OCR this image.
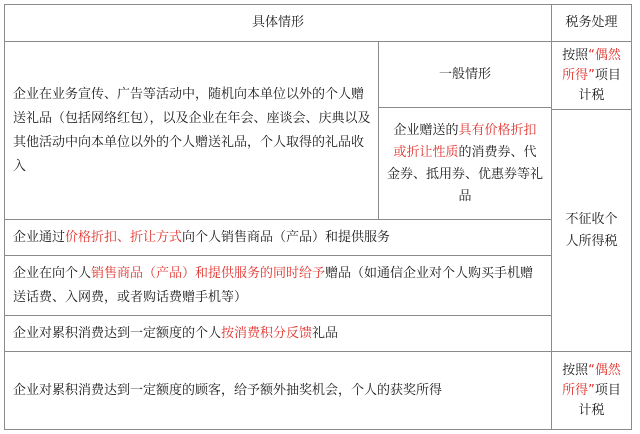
具体情形	税务处理
企业在业务宣传、广告等活动中，随机向本单位以外的个人赠送礼品（包括网络红包），以及企业在年会、座谈会、庆典以及其他活动中向本单位以外的个人赠送礼品，个人取得的礼品收入
一般情形
企业赠送的具有价格折扣或折让性质的消费券、代金券、抵用券、优惠券等礼品
按照“偶然所得”项目计税
企业通过价格折扣、折让方式向个人销售商品（产品）和提供服务
企业在向个人销售商品（产品）和提供服务的同时给予赠品（如通信企业对个人购买手机赠送话费、入网费，或者购话费赠手机等）
企业对累积消费达到一定额度的个人按消费积分反馈礼品
不征收个人所得税
企业对累积消费达到一定额度的顾客，给予额外抽奖机会，个人的获奖所得
按照“偶然所得”项目计税
